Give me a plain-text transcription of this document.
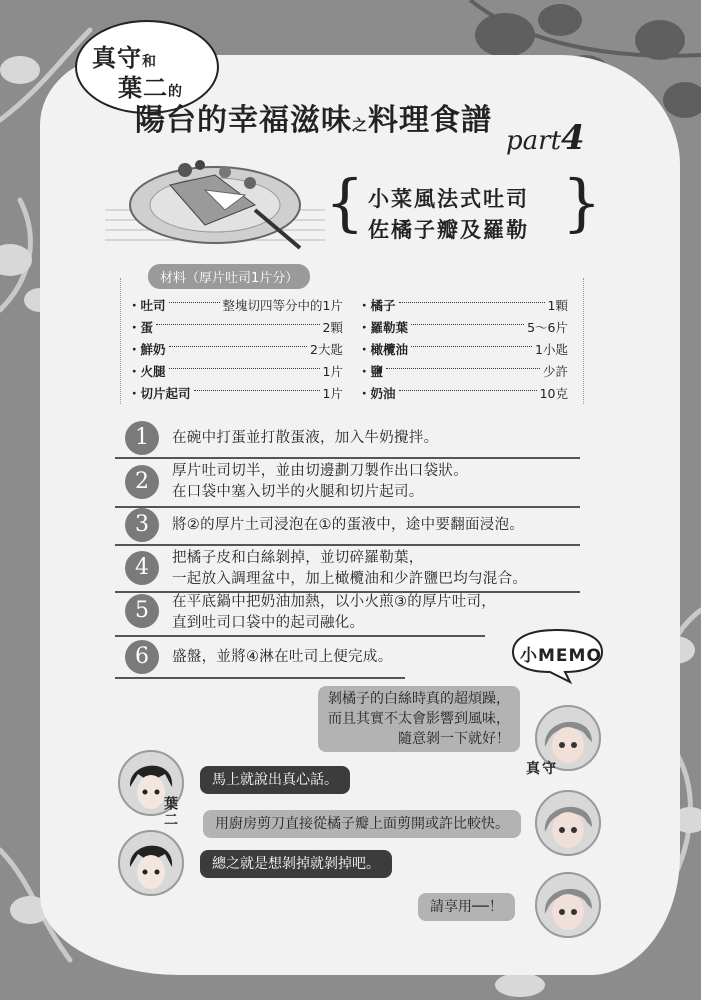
真守和
葉二的
陽台的幸福滋味之料理食譜
part4
{	}
小菜風法式吐司
佐橘子瓣及羅勒
材料（厚片吐司1片分）
・吐司	整塊切四等分中的1片
・蛋	2顆
・鮮奶	2大匙
・火腿	1片
・切片起司	1片
・橘子	1顆
・羅勒葉	5〜6片
・橄欖油	1小匙
・鹽	少許
・奶油	10克
1	在碗中打蛋並打散蛋液，加入牛奶攪拌。
2	厚片吐司切半，並由切邊劃刀製作出口袋狀。
在口袋中塞入切半的火腿和切片起司。
3	將②的厚片土司浸泡在①的蛋液中，途中要翻面浸泡。
4	把橘子皮和白絲剝掉，並切碎羅勒葉，
一起放入調理盆中，加上橄欖油和少許鹽巴均勻混合。
5	在平底鍋中把奶油加熱，以小火煎③的厚片吐司，
直到吐司口袋中的起司融化。
6	盛盤，並將④淋在吐司上便完成。	小MEMO
剝橘子的白絲時真的超煩躁，
而且其實不太會影響到風味，
隨意剝一下就好！
真守
葉二
馬上就說出真心話。
用廚房剪刀直接從橘子瓣上面剪開或許比較快。
總之就是想剝掉就剝掉吧。
請享用──！
